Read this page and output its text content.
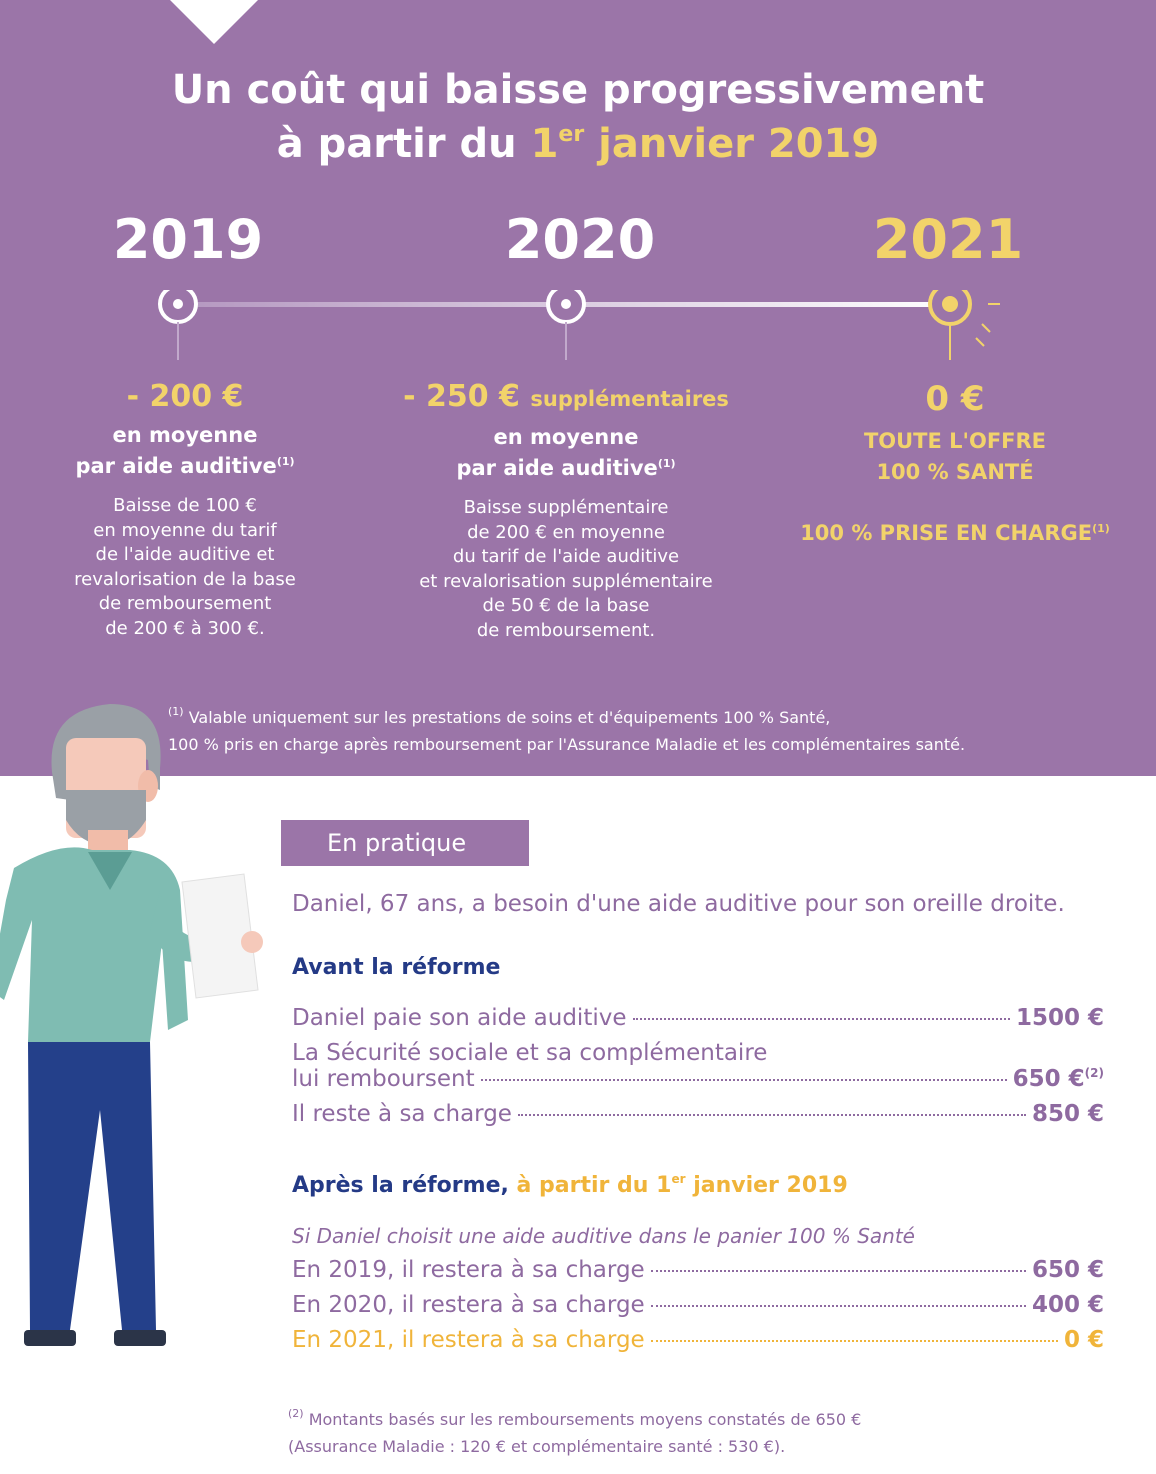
Un coût qui baisse progressivement
à partir du 1er janvier 2019
2019	2020	2021
- 200 €
en moyenne
par aide auditive$^{(1)}$
Baisse de 100 €
en moyenne du tarif
de l'aide auditive et
revalorisation de la base
de remboursement
de 200 € à 300 €.
- 250 € supplémentaires
en moyenne
par aide auditive$^{(1)}$
Baisse supplémentaire
de 200 € en moyenne
du tarif de l'aide auditive
et revalorisation supplémentaire
de 50 € de la base
de remboursement.
0 €
TOUTE L'OFFRE
100 % SANTÉ
100 % PRISE EN CHARGE$^{(1)}$
$^{(1)}$ Valable uniquement sur les prestations de soins et d'équipements 100 % Santé,
100 % pris en charge après remboursement par l'Assurance Maladie et les complémentaires santé.
En pratique
Daniel, 67 ans, a besoin d'une aide auditive pour son oreille droite.
Avant la réforme
Daniel paie son aide auditive	1500 €
La Sécurité sociale et sa complémentaire
lui remboursent	650 €$^{(2)}$
Il reste à sa charge	850 €
Après la réforme, à partir du 1er janvier 2019
Si Daniel choisit une aide auditive dans le panier 100 % Santé
En 2019, il restera à sa charge	650 €
En 2020, il restera à sa charge	400 €
En 2021, il restera à sa charge	0 €
$^{(2)}$ Montants basés sur les remboursements moyens constatés de 650 €
(Assurance Maladie : 120 € et complémentaire santé : 530 €).
